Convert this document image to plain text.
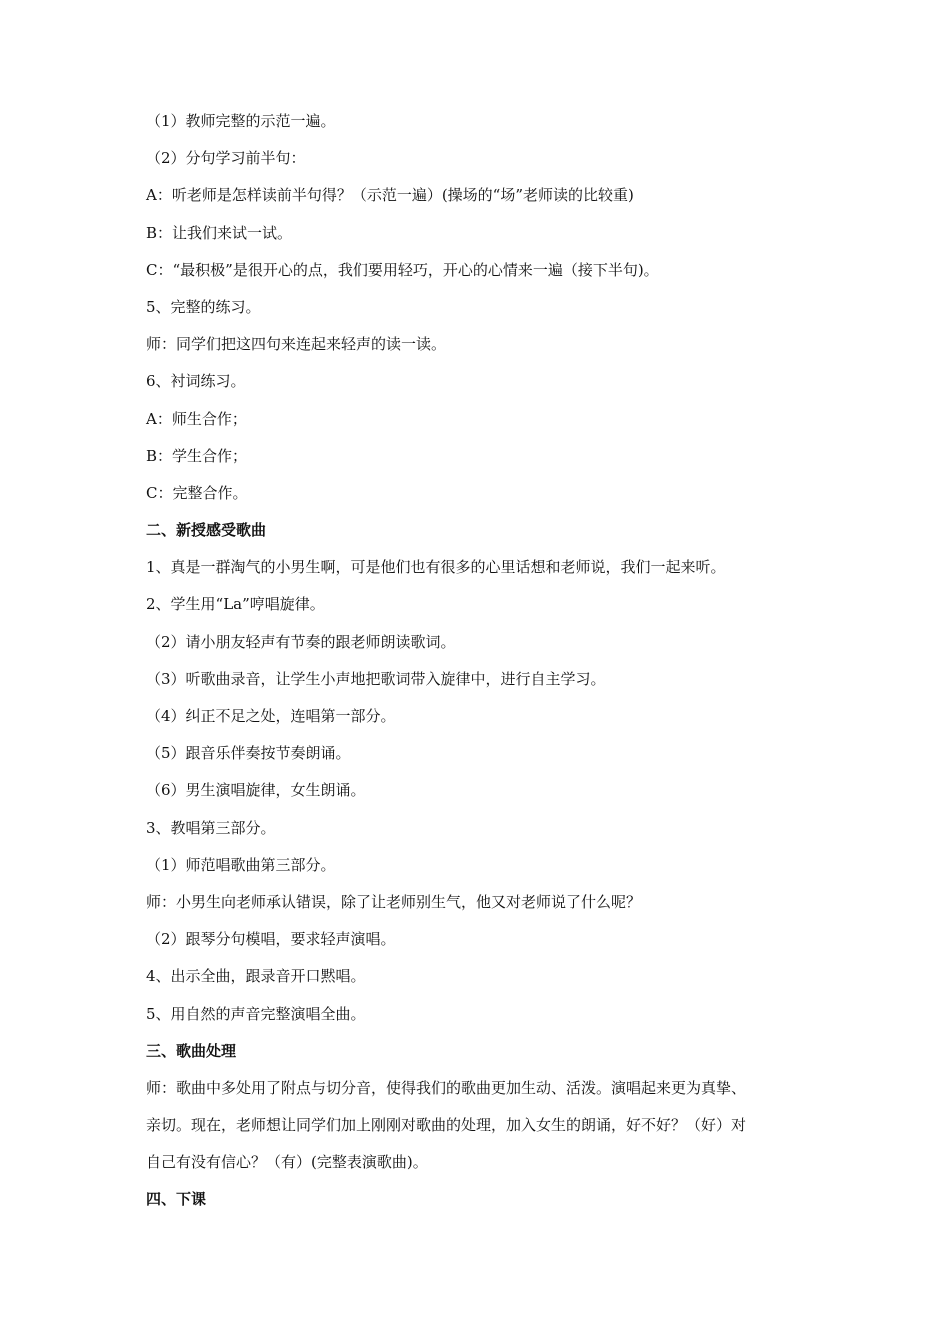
（1）教师完整的示范一遍。
（2）分句学习前半句：
A：听老师是怎样读前半句得？（示范一遍）(操场的“场”老师读的比较重)
B：让我们来试一试。
C：“最积极”是很开心的点，我们要用轻巧，开心的心情来一遍（接下半句)。
5、完整的练习。
师：同学们把这四句来连起来轻声的读一读。
6、衬词练习。
A：师生合作；
B：学生合作；
C：完整合作。
二、新授感受歌曲
1、真是一群淘气的小男生啊，可是他们也有很多的心里话想和老师说，我们一起来听。
2、学生用“La”哼唱旋律。
（2）请小朋友轻声有节奏的跟老师朗读歌词。
（3）听歌曲录音，让学生小声地把歌词带入旋律中，进行自主学习。
（4）纠正不足之处，连唱第一部分。
（5）跟音乐伴奏按节奏朗诵。
（6）男生演唱旋律，女生朗诵。
3、教唱第三部分。
（1）师范唱歌曲第三部分。
师：小男生向老师承认错误，除了让老师别生气，他又对老师说了什么呢？
（2）跟琴分句模唱，要求轻声演唱。
4、出示全曲，跟录音开口黙唱。
5、用自然的声音完整演唱全曲。
三、歌曲处理
师：歌曲中多处用了附点与切分音，使得我们的歌曲更加生动、活泼。演唱起来更为真挚、
亲切。现在，老师想让同学们加上刚刚对歌曲的处理，加入女生的朗诵，好不好？（好）对
自己有没有信心？（有）(完整表演歌曲)。
四、下课
